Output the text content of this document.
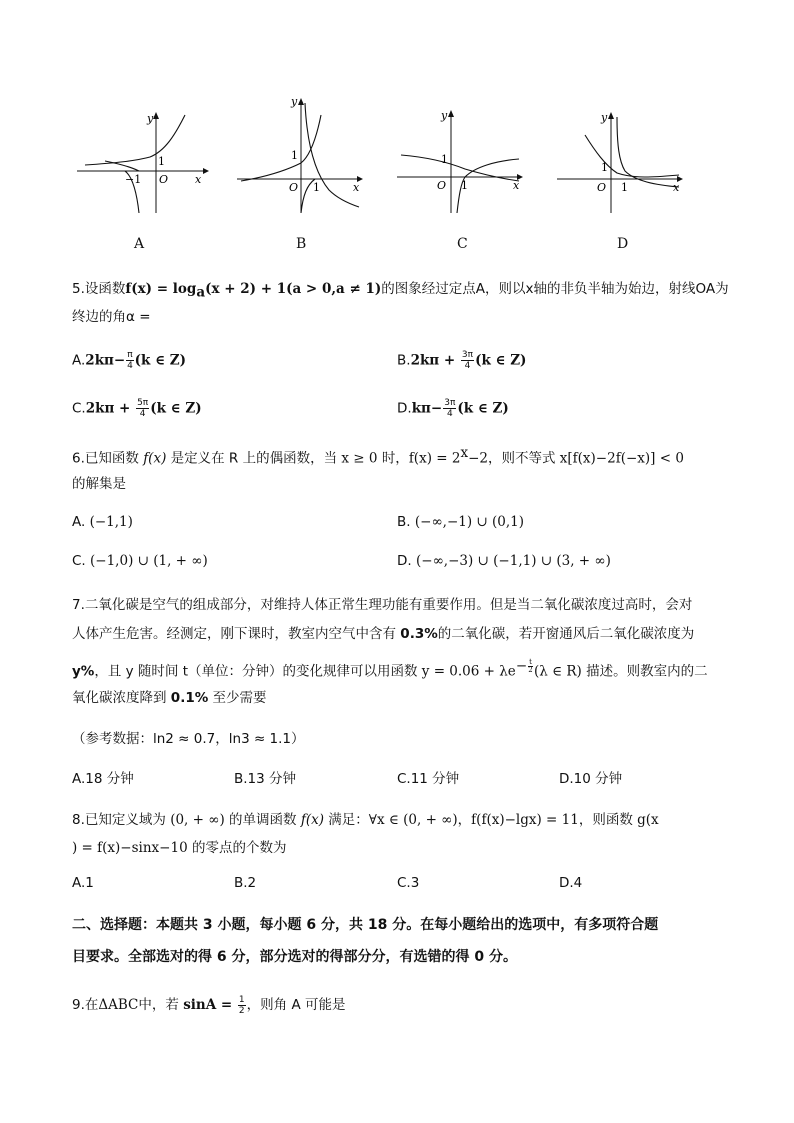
y
x
O
1
−1
y
x
O
1
1
y
x
O
1
1
y
x
O
1
1
A	B	C	D
5.设函数$f(x) = \log_a(x + 2) + 1(a > 0,a \ne 1)$的图象经过定点A，则以x轴的非负半轴为始边，射线OA为
终边的角α =
$A.2k\pi- \frac{\pi}{4} (k$ ∈ Z)	$B.2k\pi + \frac{3\pi}{4} (k$ ∈ Z)
$C.2k\pi + \frac{5\pi}{4} (k$ ∈ Z)	$D.k\pi- \frac{3\pi}{4} (k$ ∈ Z)
6.已知函数 f(x) 是定义在 R 上的偶函数，当 x ≥ 0 时，$f(x) = 2^x-2$，则不等式 x[f(x)−2f(−x)] < 0
的解集是
A. (−1,1)	B. (−∞,−1) ∪ (0,1)
C. (−1,0) ∪ (1, + ∞)	D. (−∞,−3) ∪ (−1,1) ∪ (3, + ∞)
7.二氧化碳是空气的组成部分，对维持人体正常生理功能有重要作用。但是当二氧化碳浓度过高时，会对
人体产生危害。经测定，刚下课时，教室内空气中含有 0.3%的二氧化碳，若开窗通风后二氧化碳浓度为
y%，且 y 随时间 t（单位：分钟）的变化规律可以用函数 $y = 0.06 + \lambda e^{- \frac{t}{2}}$ (λ ∈ R) 描述。则教室内的二
氧化碳浓度降到 0.1% 至少需要
（参考数据：ln2 ≈ 0.7，ln3 ≈ 1.1）
A.18 分钟	B.13 分钟	C.11 分钟	D.10 分钟
8.已知定义域为 (0, + ∞) 的单调函数 f(x) 满足：∀x ∈ (0, + ∞)，f(f(x)−lgx) = 11，则函数 g(x
) = f(x)−sinx−10 的零点的个数为
A.1	B.2	C.3	D.4
二、选择题：本题共 3 小题，每小题 6 分，共 18 分。在每小题给出的选项中，有多项符合题
目要求。全部选对的得 6 分，部分选对的得部分分，有选错的得 0 分。
9.在ΔABC中，若 $\sin A = \frac{1}{2}$ ，则角 A 可能是
